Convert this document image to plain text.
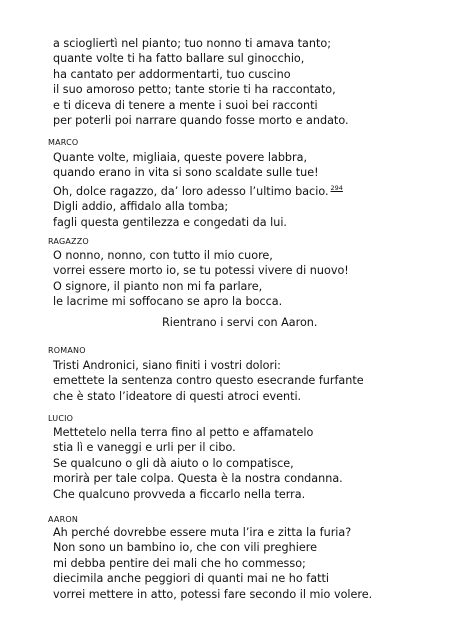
a sciogliertì nel pianto; tuo nonno ti amava tanto;
quante volte ti ha fatto ballare sul ginocchio,
ha cantato per addormentarti, tuo cuscino
il suo amoroso petto; tante storie ti ha raccontato,
e ti diceva di tenere a mente i suoi bei racconti
per poterli poi narrare quando fosse morto e andato.
MARCO
Quante volte, migliaia, queste povere labbra,
quando erano in vita si sono scaldate sulle tue!
Oh, dolce ragazzo, da’ loro adesso l’ultimo bacio. $^{294}$
Digli addio, affidalo alla tomba;
fagli questa gentilezza e congedati da lui.
RAGAZZO
O nonno, nonno, con tutto il mio cuore,
vorrei essere morto io, se tu potessi vivere di nuovo!
O signore, il pianto non mi fa parlare,
le lacrime mi soffocano se apro la bocca.
Rientrano i servi con Aaron.
ROMANO
Tristi Andronici, siano finiti i vostri dolori:
emettete la sentenza contro questo esecrande furfante
che è stato l’ideatore di questi atroci eventi.
LUCIO
Mettetelo nella terra fino al petto e affamatelo
stia lì e vaneggi e urli per il cibo.
Se qualcuno o gli dà aiuto o lo compatisce,
morirà per tale colpa. Questa è la nostra condanna.
Che qualcuno provveda a ficcarlo nella terra.
AARON
Ah perché dovrebbe essere muta l’ira e zitta la furia?
Non sono un bambino io, che con vili preghiere
mi debba pentire dei mali che ho commesso;
diecimila anche peggiori di quanti mai ne ho fatti
vorrei mettere in atto, potessi fare secondo il mio volere.
